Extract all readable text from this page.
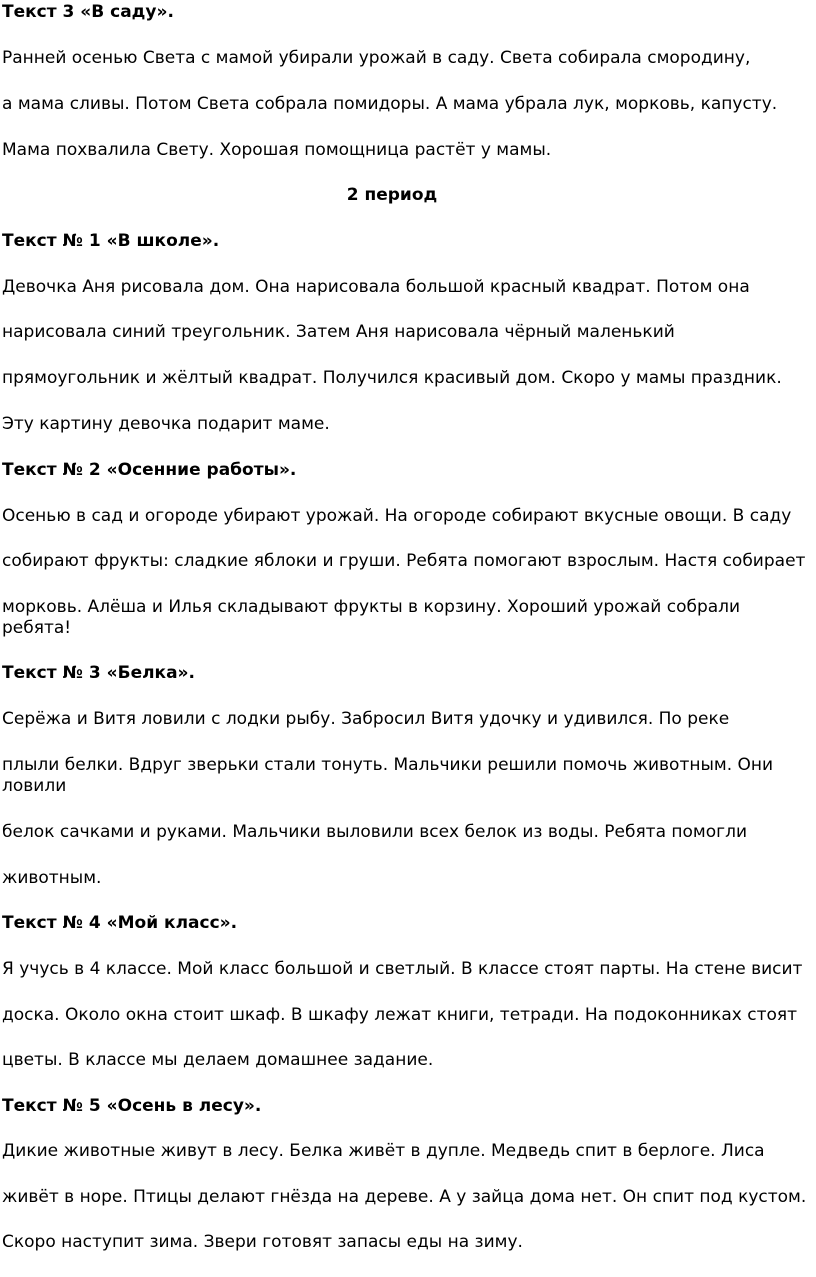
Текст 3 «В саду».
Ранней осенью Света с мамой убирали урожай в саду. Света собирала смородину,
а мама сливы. Потом Света собрала помидоры. А мама убрала лук, морковь, капусту.
Мама похвалила Свету. Хорошая помощница растёт у мамы.
2 период
Текст № 1 «В школе».
Девочка Аня рисовала дом. Она нарисовала большой красный квадрат. Потом она
нарисовала синий треугольник. Затем Аня нарисовала чёрный маленький
прямоугольник и жёлтый квадрат. Получился красивый дом. Скоро у мамы праздник.
Эту картину девочка подарит маме.
Текст № 2 «Осенние работы».
Осенью в сад и огороде убирают урожай. На огороде собирают вкусные овощи. В саду
собирают фрукты: сладкие яблоки и груши. Ребята помогают взрослым. Настя собирает
морковь. Алёша и Илья складывают фрукты в корзину. Хороший урожай собрали
ребята!
Текст № 3 «Белка».
Серёжа и Витя ловили с лодки рыбу. Забросил Витя удочку и удивился. По реке
плыли белки. Вдруг зверьки стали тонуть. Мальчики решили помочь животным. Они
ловили
белок сачками и руками. Мальчики выловили всех белок из воды. Ребята помогли
животным.
Текст № 4 «Мой класс».
Я учусь в 4 классе. Мой класс большой и светлый. В классе стоят парты. На стене висит
доска. Около окна стоит шкаф. В шкафу лежат книги, тетради. На подоконниках стоят
цветы. В классе мы делаем домашнее задание.
Текст № 5 «Осень в лесу».
Дикие животные живут в лесу. Белка живёт в дупле. Медведь спит в берлоге. Лиса
живёт в норе. Птицы делают гнёзда на дереве. А у зайца дома нет. Он спит под кустом.
Скоро наступит зима. Звери готовят запасы еды на зиму.
